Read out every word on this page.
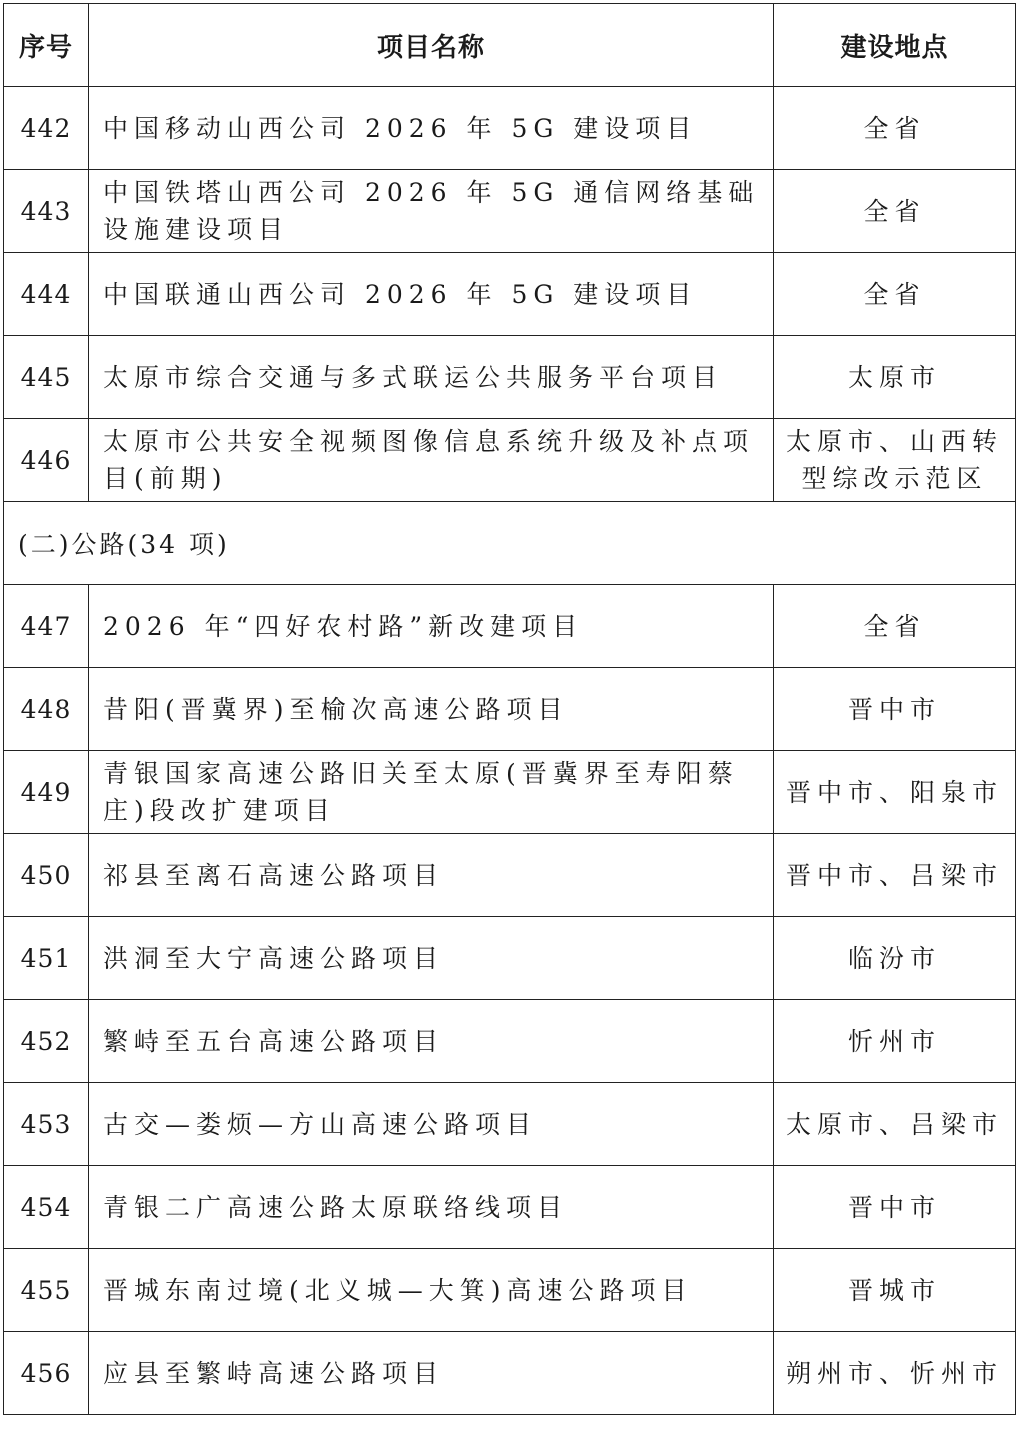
序号	项目名称	建设地点
442	中国移动山西公司 2026 年 5G 建设项目	全省
443	中国铁塔山西公司 2026 年 5G 通信网络基础设施建设项目	全省
444	中国联通山西公司 2026 年 5G 建设项目	全省
445	太原市综合交通与多式联运公共服务平台项目	太原市
446	太原市公共安全视频图像信息系统升级及补点项目(前期)	太原市、山西转型综改示范区
(二)公路(34 项)		
447	2026 年“四好农村路”新改建项目	全省
448	昔阳(晋冀界)至榆次高速公路项目	晋中市
449	青银国家高速公路旧关至太原(晋冀界至寿阳蔡庄)段改扩建项目	晋中市、阳泉市
450	祁县至离石高速公路项目	晋中市、吕梁市
451	洪洞至大宁高速公路项目	临汾市
452	繁峙至五台高速公路项目	忻州市
453	古交—娄烦—方山高速公路项目	太原市、吕梁市
454	青银二广高速公路太原联络线项目	晋中市
455	晋城东南过境(北义城—大箕)高速公路项目	晋城市
456	应县至繁峙高速公路项目	朔州市、忻州市
